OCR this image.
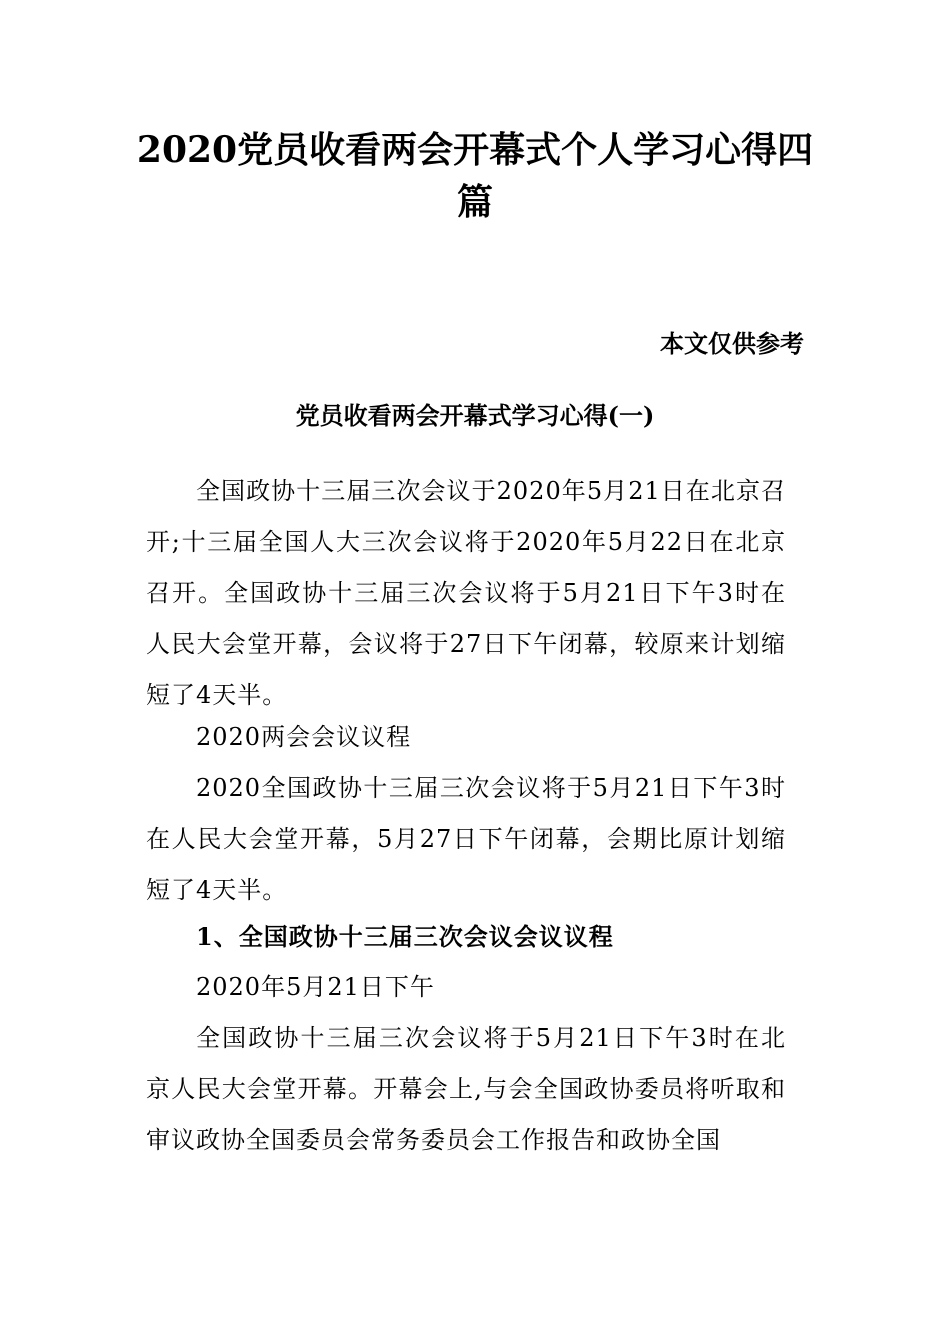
2020党员收看两会开幕式个人学习心得四篇
本文仅供参考
党员收看两会开幕式学习心得(一)

全国政协十三届三次会议于2020年5月21日在北京召开;十三届全国人大三次会议将于2020年5月22日在北京召开。全国政协十三届三次会议将于5月21日下午3时在人民大会堂开幕，会议将于27日下午闭幕，较原来计划缩短了4天半。

2020两会会议议程

2020全国政协十三届三次会议将于5月21日下午3时在人民大会堂开幕，5月27日下午闭幕，会期比原计划缩短了4天半。

1、全国政协十三届三次会议会议议程

2020年5月21日下午

全国政协十三届三次会议将于5月21日下午3时在北京人民大会堂开幕。开幕会上,与会全国政协委员将听取和审议政协全国委员会常务委员会工作报告和政协全国
